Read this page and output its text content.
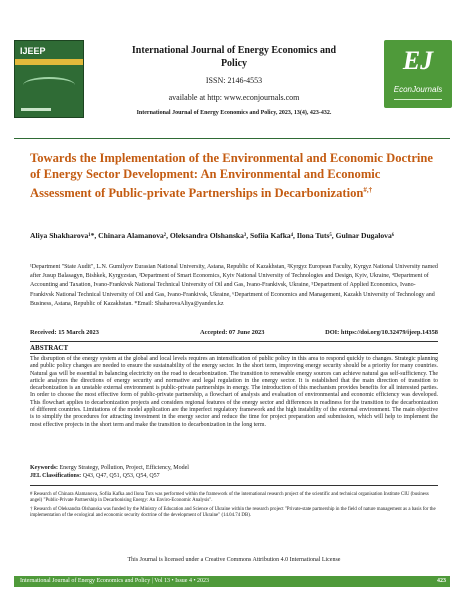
IJEEP	International Journal of Energy Economics and
Policy
ISSN: 2146-4553
available at http: www.econjournals.com
International Journal of Energy Economics and Policy, 2023, 13(4), 423-432.
EJ
EconJournals
Towards the Implementation of the Environmental and Economic Doctrine of Energy Sector Development: An Environmental and Economic Assessment of Public-private Partnerships in Decarbonization#,†
Aliya Shakharova¹*, Chinara Alamanova², Oleksandra Olshanska³, Sofiia Kafka⁴, Ilona Tuts⁵, Gulnar Dugalova⁶
¹Department "State Audit", L.N. Gumilyov Eurasian National University, Astana, Republic of Kazakhstan, ²Kyrgyz European Faculty, Kyrgyz National University named after Jusup Balasagyn, Bishkek, Kyrgyzstan, ³Department of Smart Economics, Kyiv National University of Technologies and Design, Kyiv, Ukraine, ⁴Department of Accounting and Taxation, Ivano-Frankivsk National Technical University of Oil and Gas, Ivano-Frankivsk, Ukraine, ⁵Department of Applied Economics, Ivano-Frankivsk National Technical University of Oil and Gas, Ivano-Frankivsk, Ukraine, ⁶Department of Economics and Management, Kazakh University of Technology and Business, Astana, Republic of Kazakhstan. *Email: ShaharovaAliya@yandex.kz
Received: 15 March 2023	Accepted: 07 June 2023	DOI: https://doi.org/10.32479/ijeep.14358
ABSTRACT
The disruption of the energy system at the global and local levels requires an intensification of public policy in this area to respond quickly to changes. Strategic planning and public policy changes are needed to ensure the sustainability of the energy sector. In the short term, improving energy security should be a priority for many countries. Natural gas will be essential in balancing electricity on the road to decarbonization. The transition to renewable energy sources can achieve natural gas self-sufficiency. The article analyzes the directions of energy security and normative and legal regulation in the energy sector. It is established that the main direction of transition to decarbonization is an unstable external environment is public-private partnerships in energy. The introduction of this mechanism provides benefits for all interested parties. In order to choose the most effective form of public-private partnership, a flowchart of analysis and evaluation of environmental and economic efficiency was developed. This flowchart applies to decarbonization projects and considers regional features of the energy sector and differences in readiness for the transition to the decarbonization of different countries. Limitations of the model application are the imperfect regulatory framework and the high instability of the external environment. The main objective is to simplify the procedures for attracting investment in the energy sector and reduce the time for project preparation and submission, which will help to implement the most effective projects in the short term and make the transition to decarbonization in the long term.
Keywords: Energy Strategy, Pollution, Project, Efficiency, Model
JEL Classifications: Q43, Q47, Q51, Q53, Q54, Q57
# Research of Chinara Alamanova, Sofiia Kafka and Ilona Tuts was performed within the framework of the international research project of the scientific and technical organisation Institute CIU (business angel) "Public-Private Partnership in Decarbonising Energy: An Enviro-Economic Analysis".
† Research of Oleksandra Olshanska was funded by the Ministry of Education and Science of Ukraine within the research project "Private-state partnership in the field of nature management as a basis for the implementation of the ecological and economic security doctrine of the development of Ukraine" (14.04.74 DB).
This Journal is licensed under a Creative Commons Attribution 4.0 International License
International Journal of Energy Economics and Policy | Vol 13 • Issue 4 • 2023	423
